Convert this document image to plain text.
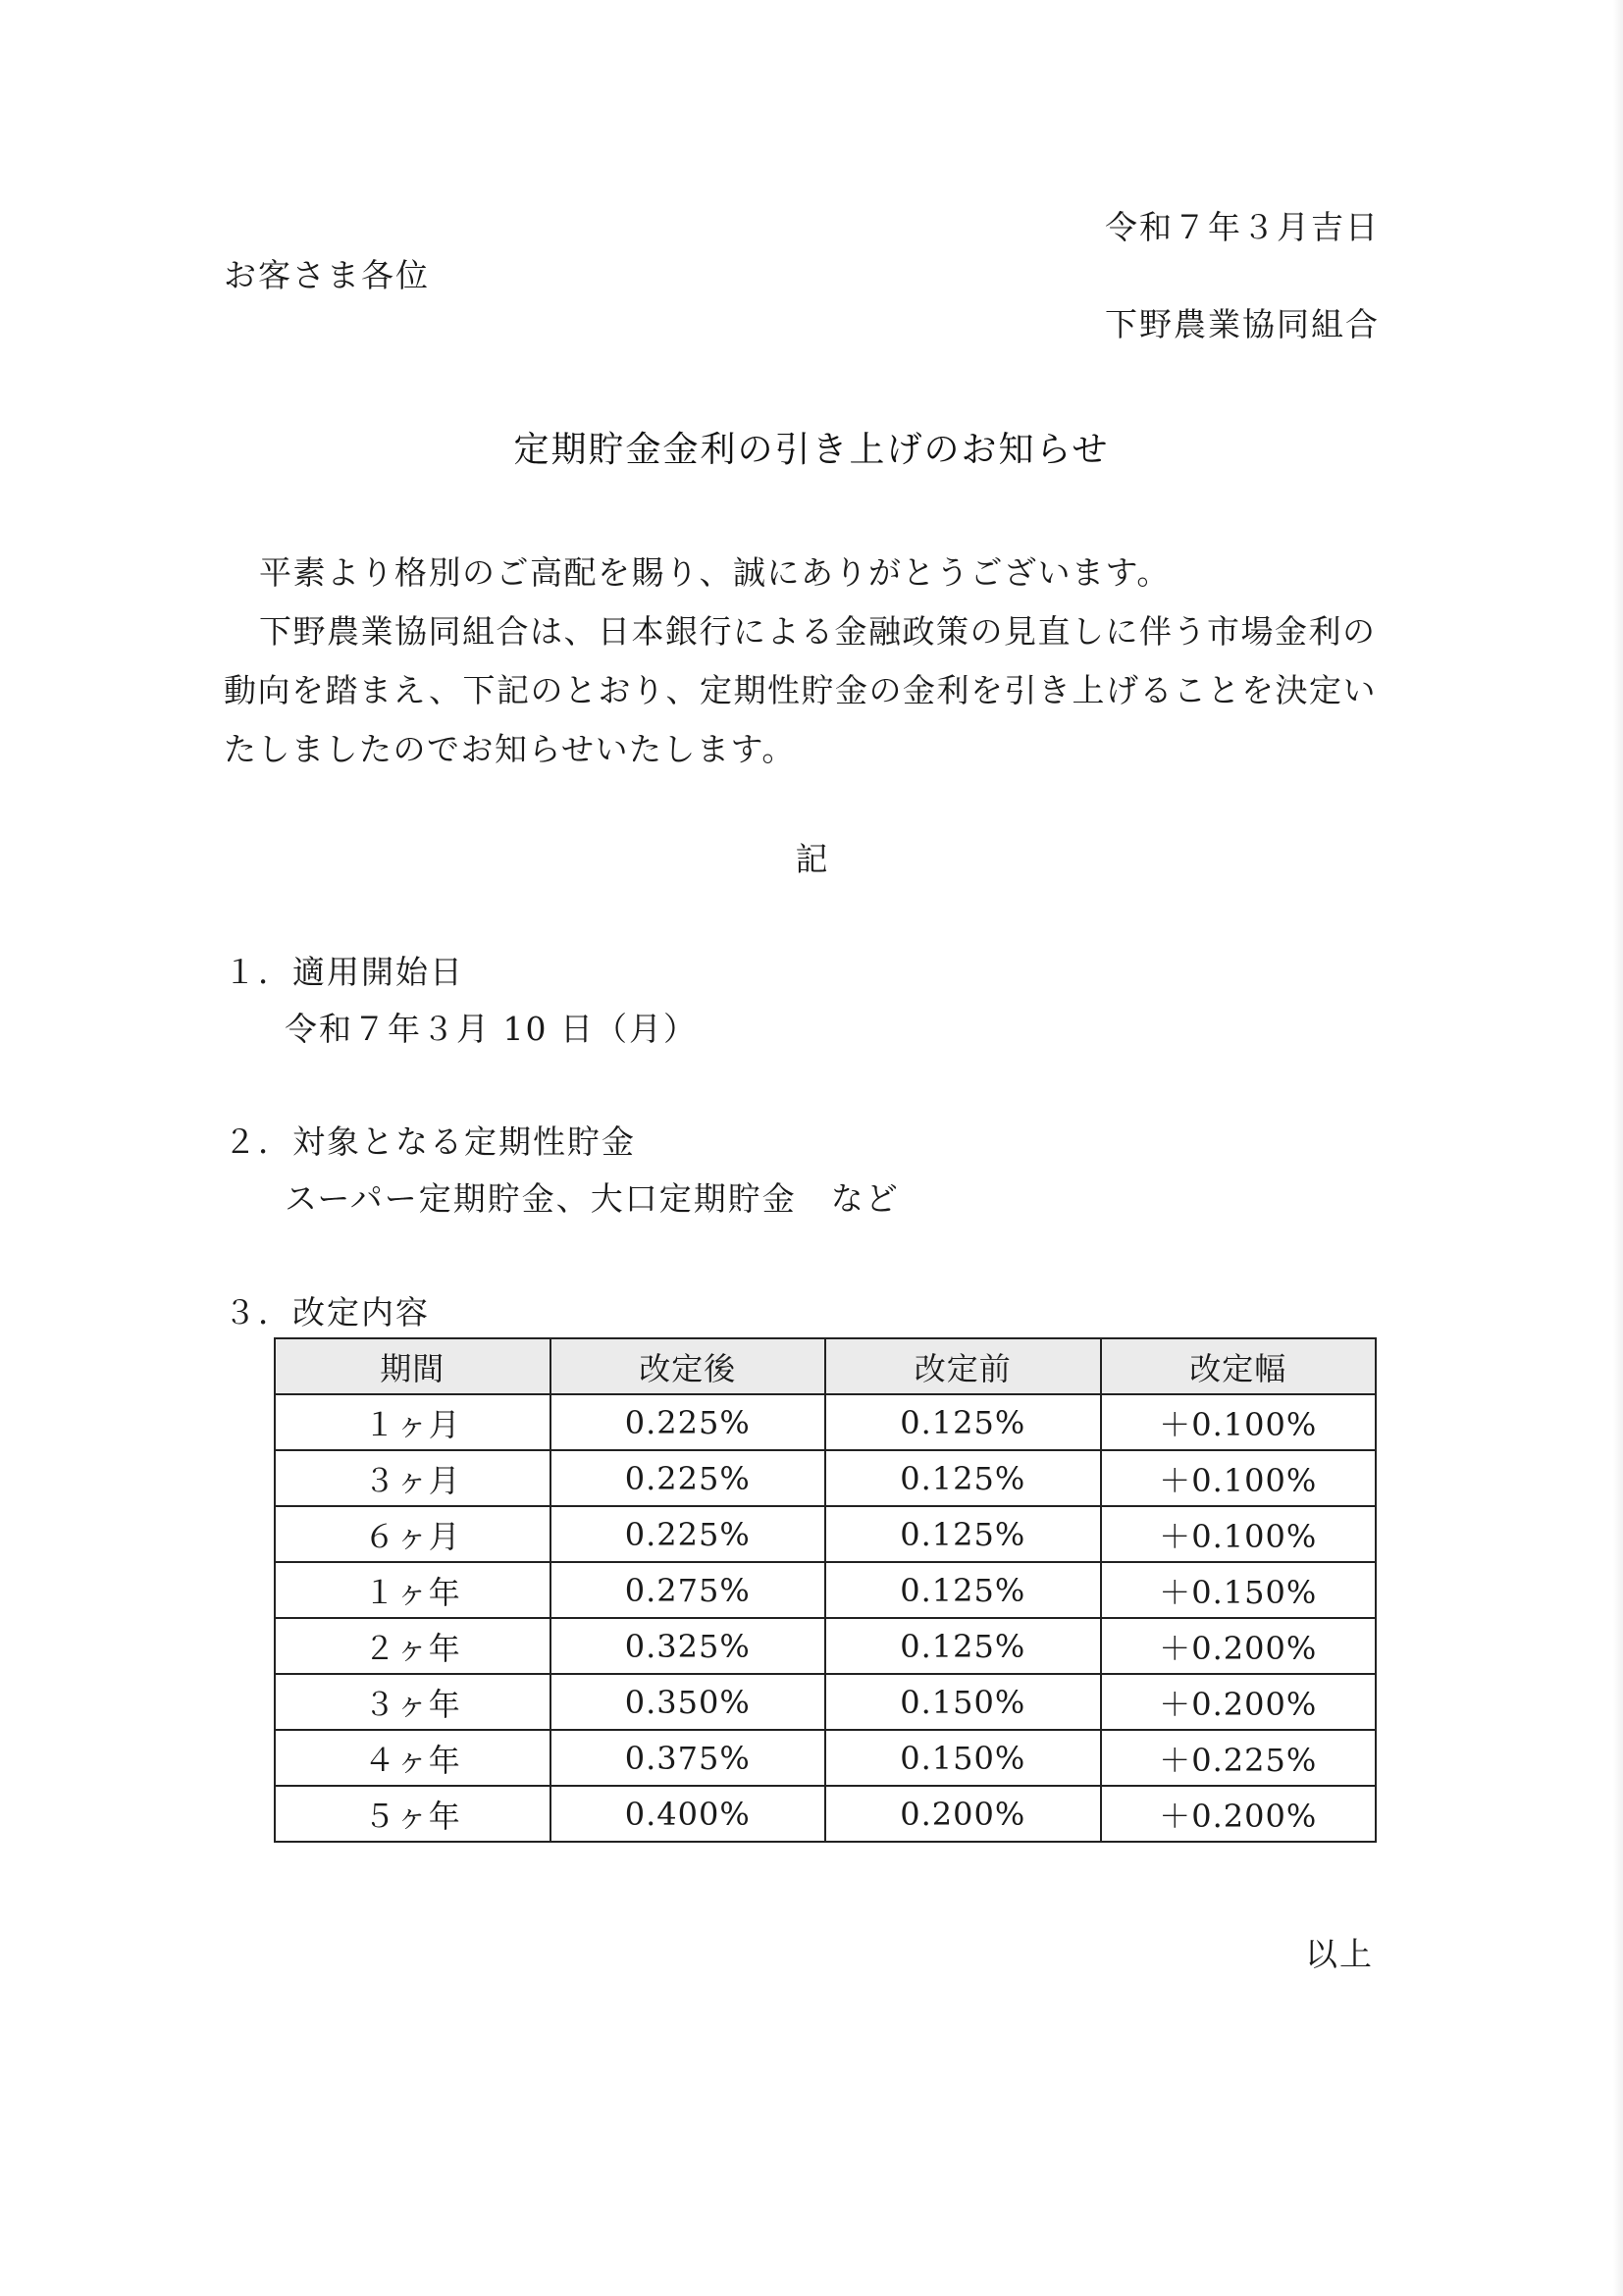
令和７年３月吉日
お客さま各位
下野農業協同組合
定期貯金金利の引き上げのお知らせ

平素より格別のご高配を賜り、誠にありがとうございます。

下野農業協同組合は、日本銀行による金融政策の見直しに伴う市場金利の動向を踏まえ、下記のとおり、定期性貯金の金利を引き上げることを決定いたしましたのでお知らせいたします。

記
１．適用開始日
令和７年３月 10 日（月）
２．対象となる定期性貯金
スーパー定期貯金、大口定期貯金　など
３．改定内容
期間	改定後	改定前	改定幅
１ヶ月	0.225%	0.125%	＋0.100%
３ヶ月	0.225%	0.125%	＋0.100%
６ヶ月	0.225%	0.125%	＋0.100%
１ヶ年	0.275%	0.125%	＋0.150%
２ヶ年	0.325%	0.125%	＋0.200%
３ヶ年	0.350%	0.150%	＋0.200%
４ヶ年	0.375%	0.150%	＋0.225%
５ヶ年	0.400%	0.200%	＋0.200%
以上
